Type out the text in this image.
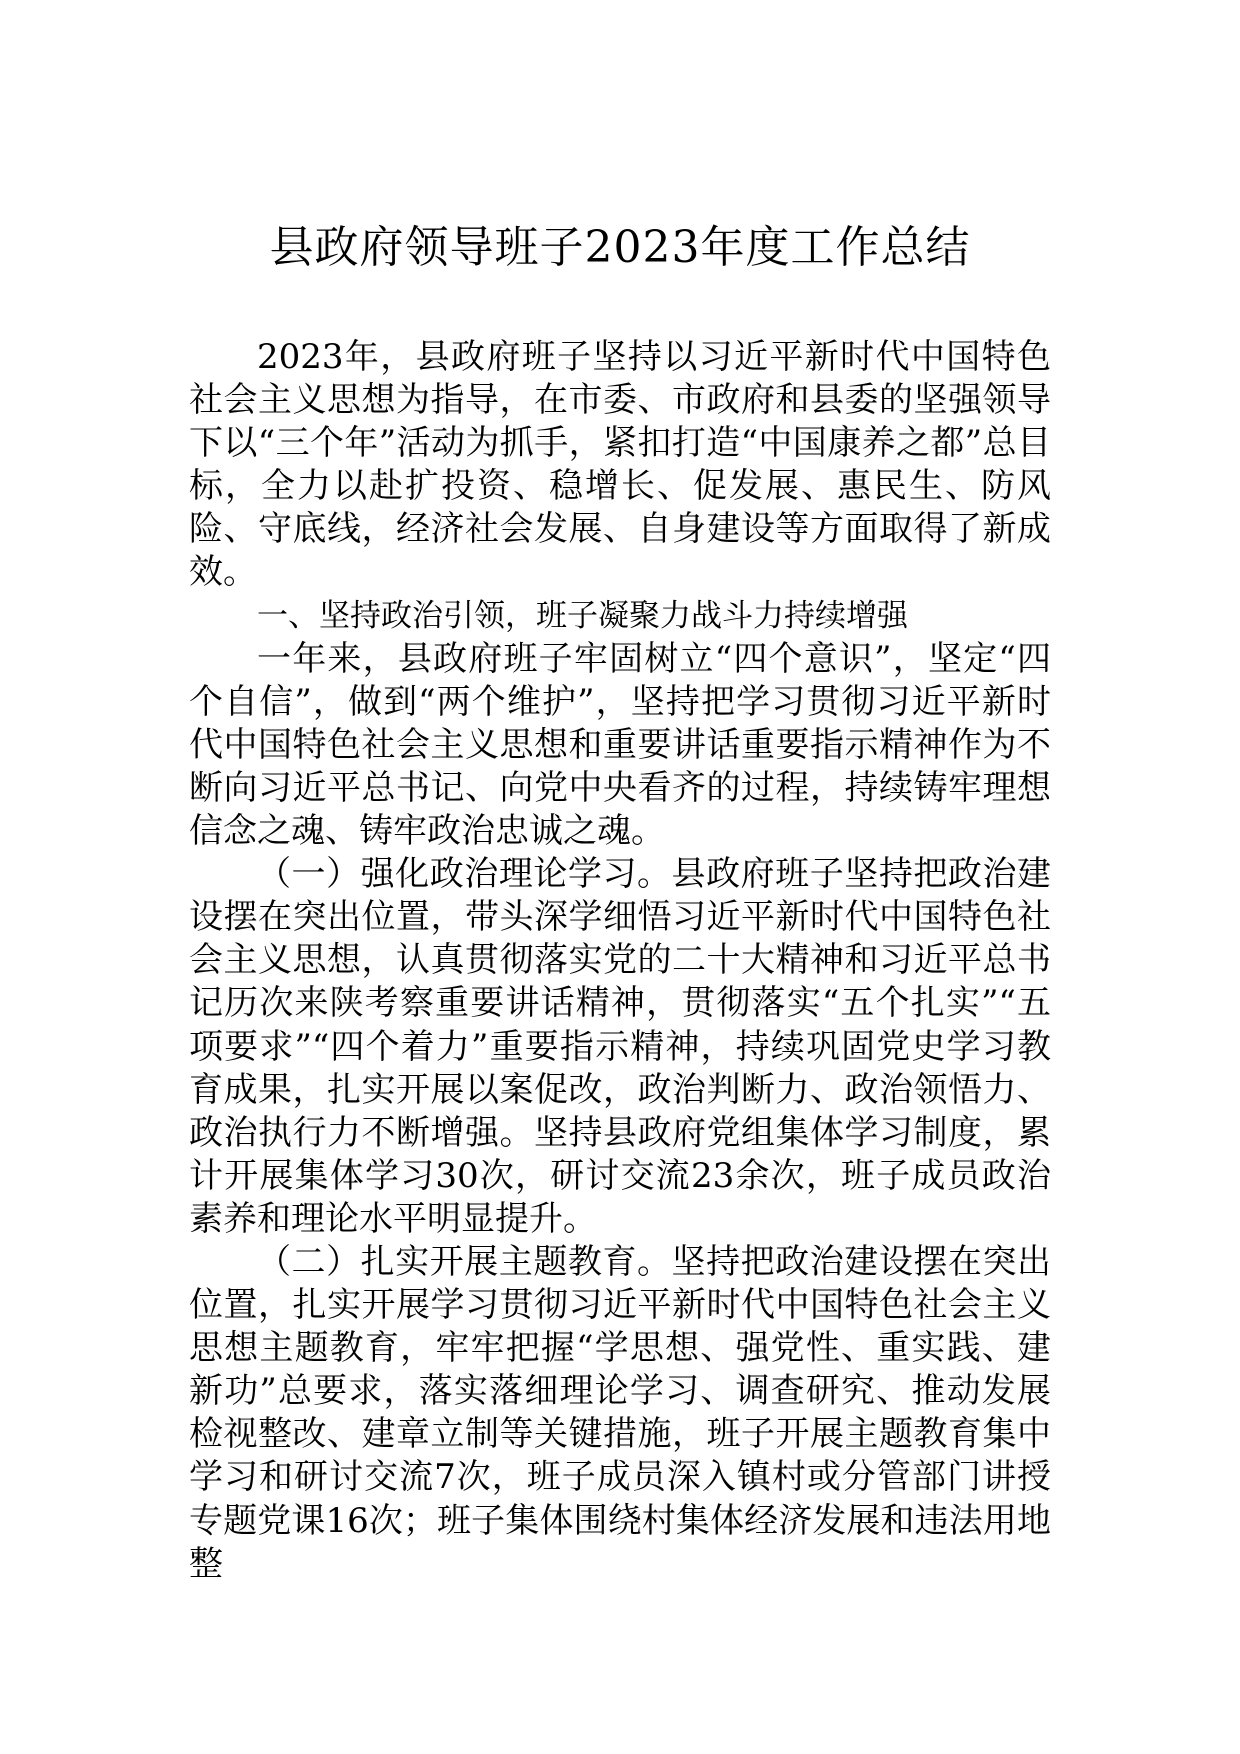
县政府领导班子2023年度工作总结

2023年，县政府班子坚持以习近平新时代中国特色社会主义思想为指导，在市委、市政府和县委的坚强领导下以“三个年”活动为抓手，紧扣打造“中国康养之都”总目标，全力以赴扩投资、稳增长、促发展、惠民生、防风险、守底线，经济社会发展、自身建设等方面取得了新成效。

一、坚持政治引领，班子凝聚力战斗力持续增强

一年来，县政府班子牢固树立“四个意识”，坚定“四个自信”，做到“两个维护”，坚持把学习贯彻习近平新时代中国特色社会主义思想和重要讲话重要指示精神作为不断向习近平总书记、向党中央看齐的过程，持续铸牢理想信念之魂、铸牢政治忠诚之魂。

（一）强化政治理论学习。县政府班子坚持把政治建设摆在突出位置，带头深学细悟习近平新时代中国特色社会主义思想，认真贯彻落实党的二十大精神和习近平总书记历次来陕考察重要讲话精神，贯彻落实“五个扎实”“五项要求”“四个着力”重要指示精神，持续巩固党史学习教育成果，扎实开展以案促改，政治判断力、政治领悟力、政治执行力不断增强。坚持县政府党组集体学习制度，累计开展集体学习30次，研讨交流23余次，班子成员政治素养和理论水平明显提升。

（二）扎实开展主题教育。坚持把政治建设摆在突出位置，扎实开展学习贯彻习近平新时代中国特色社会主义思想主题教育，牢牢把握“学思想、强党性、重实践、建新功”总要求，落实落细理论学习、调查研究、推动发展检视整改、建章立制等关键措施，班子开展主题教育集中学习和研讨交流7次，班子成员深入镇村或分管部门讲授专题党课16次；班子集体围绕村集体经济发展和违法用地整
